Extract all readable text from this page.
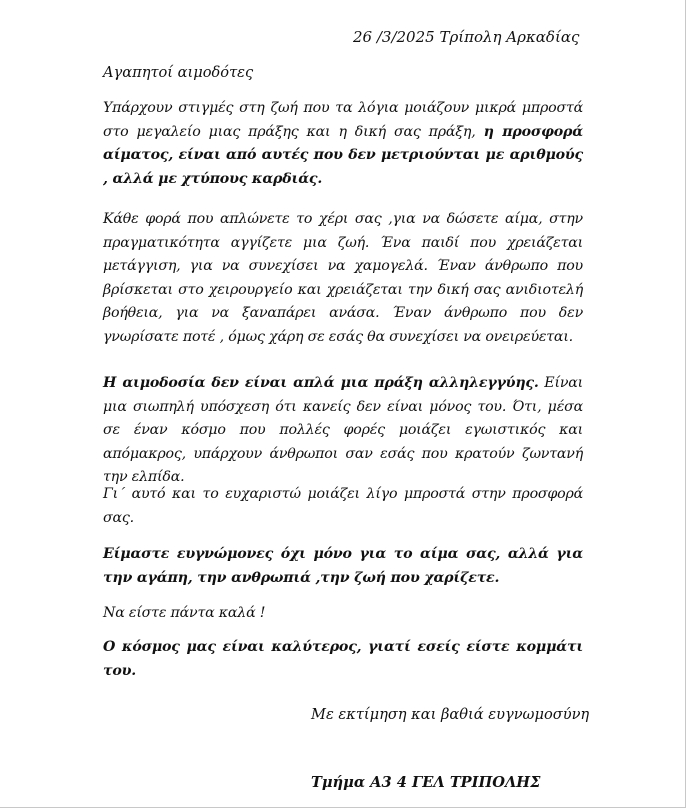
26 /3/2025 Τρίπολη Αρκαδίας
Αγαπητοί αιμοδότες

Υπάρχουν στιγμές στη ζωή που τα λόγια μοιάζουν μικρά μπροστά στο μεγαλείο μιας πράξης και η δική σας πράξη, η προσφορά αίματος, είναι από αυτές που δεν μετριούνται με αριθμούς , αλλά με χτύπους καρδιάς.

Κάθε φορά που απλώνετε το χέρι σας ,για να δώσετε αίμα, στην πραγματικότητα αγγίζετε μια ζωή. Ένα παιδί που χρειάζεται μετάγγιση, για να συνεχίσει να χαμογελά. Έναν άνθρωπο που βρίσκεται στο χειρουργείο και χρειάζεται την δική σας ανιδιοτελή βοήθεια, για να ξαναπάρει ανάσα. Έναν άνθρωπο που δεν γνωρίσατε ποτέ , όμως χάρη σε εσάς θα συνεχίσει να ονειρεύεται.

Η αιμοδοσία δεν είναι απλά μια πράξη αλληλεγγύης. Είναι μια σιωπηλή υπόσχεση ότι κανείς δεν είναι μόνος του. Ότι, μέσα σε έναν κόσμο που πολλές φορές μοιάζει εγωιστικός και απόμακρος, υπάρχουν άνθρωποι σαν εσάς που κρατούν ζωντανή την ελπίδα.

Γι΄ αυτό και το ευχαριστώ μοιάζει λίγο μπροστά στην προσφορά σας.

Είμαστε ευγνώμονες όχι μόνο για το αίμα σας, αλλά για την αγάπη, την ανθρωπιά ,την ζωή που χαρίζετε.

Να είστε πάντα καλά !

Ο κόσμος μας είναι καλύτερος, γιατί εσείς είστε κομμάτι του.

Με εκτίμηση και βαθιά ευγνωμοσύνη
Τμήμα Α3 4 ΓΕΛ ΤΡΙΠΟΛΗΣ
